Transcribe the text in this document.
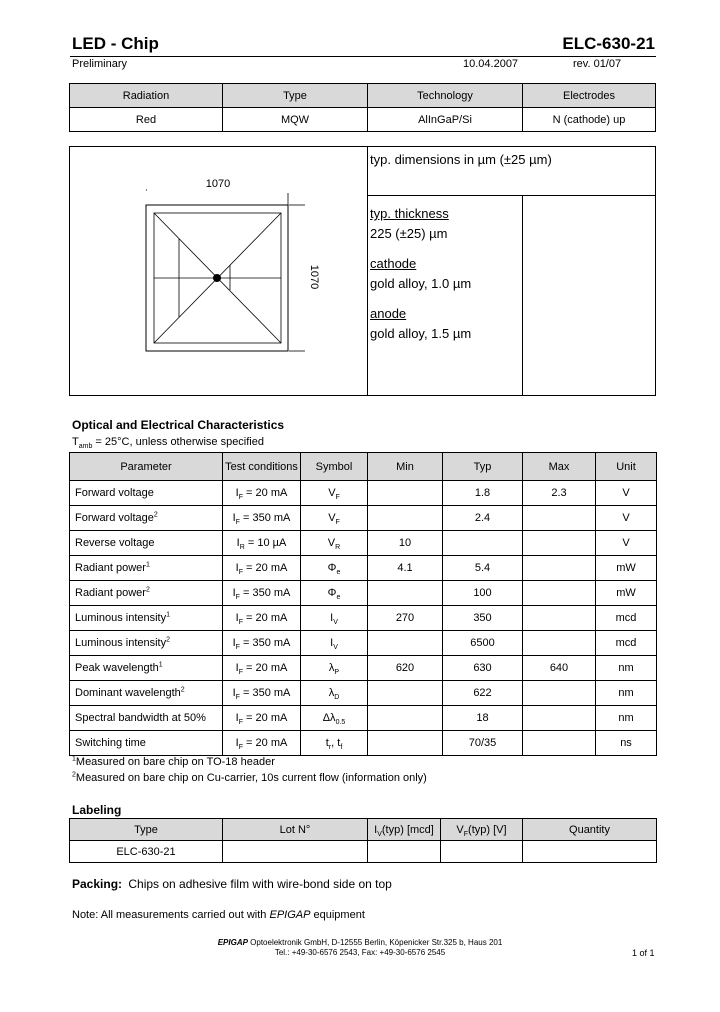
LED - Chip	ELC-630-21
Preliminary	10.04.2007	rev. 01/07
Radiation	Type	Technology	Electrodes
Red	MQW	AlInGaP/Si	N (cathode) up
1070
1070
typ. dimensions in µm (±25 µm)
typ. thickness
225 (±25) µm
cathode
gold alloy, 1.0 µm
anode
gold alloy, 1.5 µm
Optical and Electrical Characteristics
$T_{amb} = 25^\circ C$, unless otherwise specified
Parameter	Test conditions	Symbol	Min	Typ	Max	Unit
Forward voltage	$I_F = 20$ mA	$V_F$		1.8	2.3	V
Forward voltage$^2$	$I_F = 350$ mA	$V_F$		2.4		V
Reverse voltage	$I_R = 10$ µA	$V_R$	10			V
Radiant power$^1$	$I_F = 20$ mA	$\Phi_e$	4.1	5.4		mW
Radiant power$^2$	$I_F = 350$ mA	$\Phi_e$		100		mW
Luminous intensity$^1$	$I_F = 20$ mA	$I_V$	270	350		mcd
Luminous intensity$^2$	$I_F = 350$ mA	$I_V$		6500		mcd
Peak wavelength$^1$	$I_F = 20$ mA	$\lambda_P$	620	630	640	nm
Dominant wavelength$^2$	$I_F = 350$ mA	$\lambda_D$		622		nm
Spectral bandwidth at 50%	$I_F = 20$ mA	$\Delta\lambda_{0.5}$		18		nm
Switching time	$I_F = 20$ mA	$t_r$, $t_f$		70/35		ns
$^1$Measured on bare chip on TO-18 header
$^2$Measured on bare chip on Cu-carrier, 10s current flow (information only)
Labeling
Type	Lot N°	$I_V(typ)$ [mcd]	$V_F(typ)$ [V]	Quantity
ELC-630-21				
Packing: Chips on adhesive film with wire-bond side on top
Note: All measurements carried out with EPIGAP equipment
EPIGAP Optoelektronik GmbH, D-12555 Berlin, Köpenicker Str.325 b, Haus 201
Tel.: +49-30-6576 2543, Fax: +49-30-6576 2545	1 of 1
